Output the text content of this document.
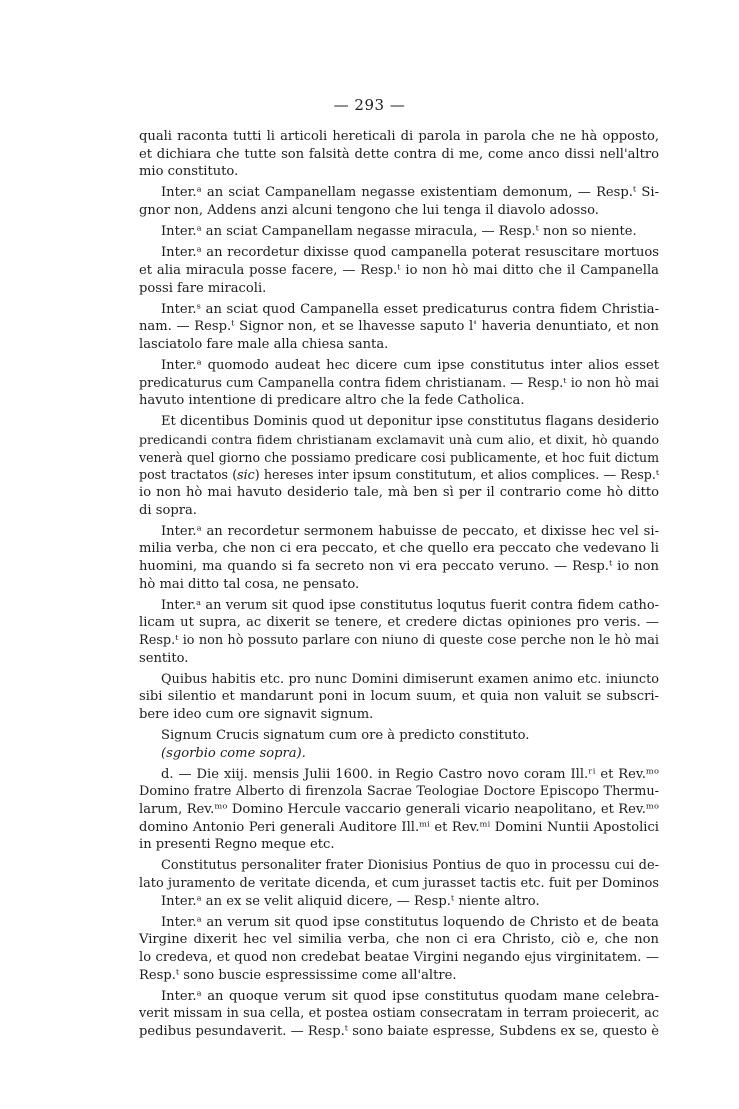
— 293 —
quali raconta tutti li articoli hereticali di parola in parola che ne hà opposto,
et dichiara che tutte son falsità dette contra di me, come anco dissi nell'altro
mio constituto.
Inter.ᵃ an sciat Campanellam negasse existentiam demonum, — Resp.ᵗ Si-
gnor non, Addens anzi alcuni tengono che lui tenga il diavolo adosso.
Inter.ᵃ an sciat Campanellam negasse miracula, — Resp.ᵗ non so niente.
Inter.ᵃ an recordetur dixisse quod campanella poterat resuscitare mortuos
et alia miracula posse facere, — Resp.ᵗ io non hò mai ditto che il Campanella
possi fare miracoli.
Inter.ˢ an sciat quod Campanella esset predicaturus contra fidem Christia-
nam. — Resp.ᵗ Signor non, et se lhavesse saputo l' haveria denuntiato, et non
lasciatolo fare male alla chiesa santa.
Inter.ᵃ quomodo audeat hec dicere cum ipse constitutus inter alios esset
predicaturus cum Campanella contra fidem christianam. — Resp.ᵗ io non hò mai
havuto intentione di predicare altro che la fede Catholica.
Et dicentibus Dominis quod ut deponitur ipse constitutus flagans desiderio
predicandi contra fidem christianam exclamavit unà cum alio, et dixit, hò quando
venerà quel giorno che possiamo predicare cosi publicamente, et hoc fuit dictum
post tractatos (sic) hereses inter ipsum constitutum, et alios complices. — Resp.ᵗ
io non hò mai havuto desiderio tale, mà ben sì per il contrario come hò ditto
di sopra.
Inter.ᵃ an recordetur sermonem habuisse de peccato, et dixisse hec vel si-
milia verba, che non ci era peccato, et che quello era peccato che vedevano li
huomini, ma quando si fa secreto non vi era peccato veruno. — Resp.ᵗ io non
hò mai ditto tal cosa, ne pensato.
Inter.ᵃ an verum sit quod ipse constitutus loqutus fuerit contra fidem catho-
licam ut supra, ac dixerit se tenere, et credere dictas opiniones pro veris. —
Resp.ᵗ io non hò possuto parlare con niuno di queste cose perche non le hò mai
sentito.
Quibus habitis etc. pro nunc Domini dimiserunt examen animo etc. iniuncto
sibi silentio et mandarunt poni in locum suum, et quia non valuit se subscri-
bere ideo cum ore signavit signum.
Signum Crucis signatum cum ore à predicto constituto.
(sgorbio come sopra).
d. — Die xiij. mensis Julii 1600. in Regio Castro novo coram Ill.ʳⁱ et Rev.ᵐᵒ
Domino fratre Alberto di firenzola Sacrae Teologiae Doctore Episcopo Thermu-
larum, Rev.ᵐᵒ Domino Hercule vaccario generali vicario neapolitano, et Rev.ᵐᵒ
domino Antonio Peri generali Auditore Ill.ᵐⁱ et Rev.ᵐⁱ Domini Nuntii Apostolici
in presenti Regno meque etc.
Constitutus personaliter frater Dionisius Pontius de quo in processu cui de-
lato juramento de veritate dicenda, et cum jurasset tactis etc. fuit per Dominos
Inter.ᵃ an ex se velit aliquid dicere, — Resp.ᵗ niente altro.
Inter.ᵃ an verum sit quod ipse constitutus loquendo de Christo et de beata
Virgine dixerit hec vel similia verba, che non ci era Christo, ciò e, che non
lo credeva, et quod non credebat beatae Virgini negando ejus virginitatem. —
Resp.ᵗ sono buscie espressissime come all'altre.
Inter.ᵃ an quoque verum sit quod ipse constitutus quodam mane celebra-
verit missam in sua cella, et postea ostiam consecratam in terram proiecerit, ac
pedibus pesundaverit. — Resp.ᵗ sono baiate espresse, Subdens ex se, questo è
